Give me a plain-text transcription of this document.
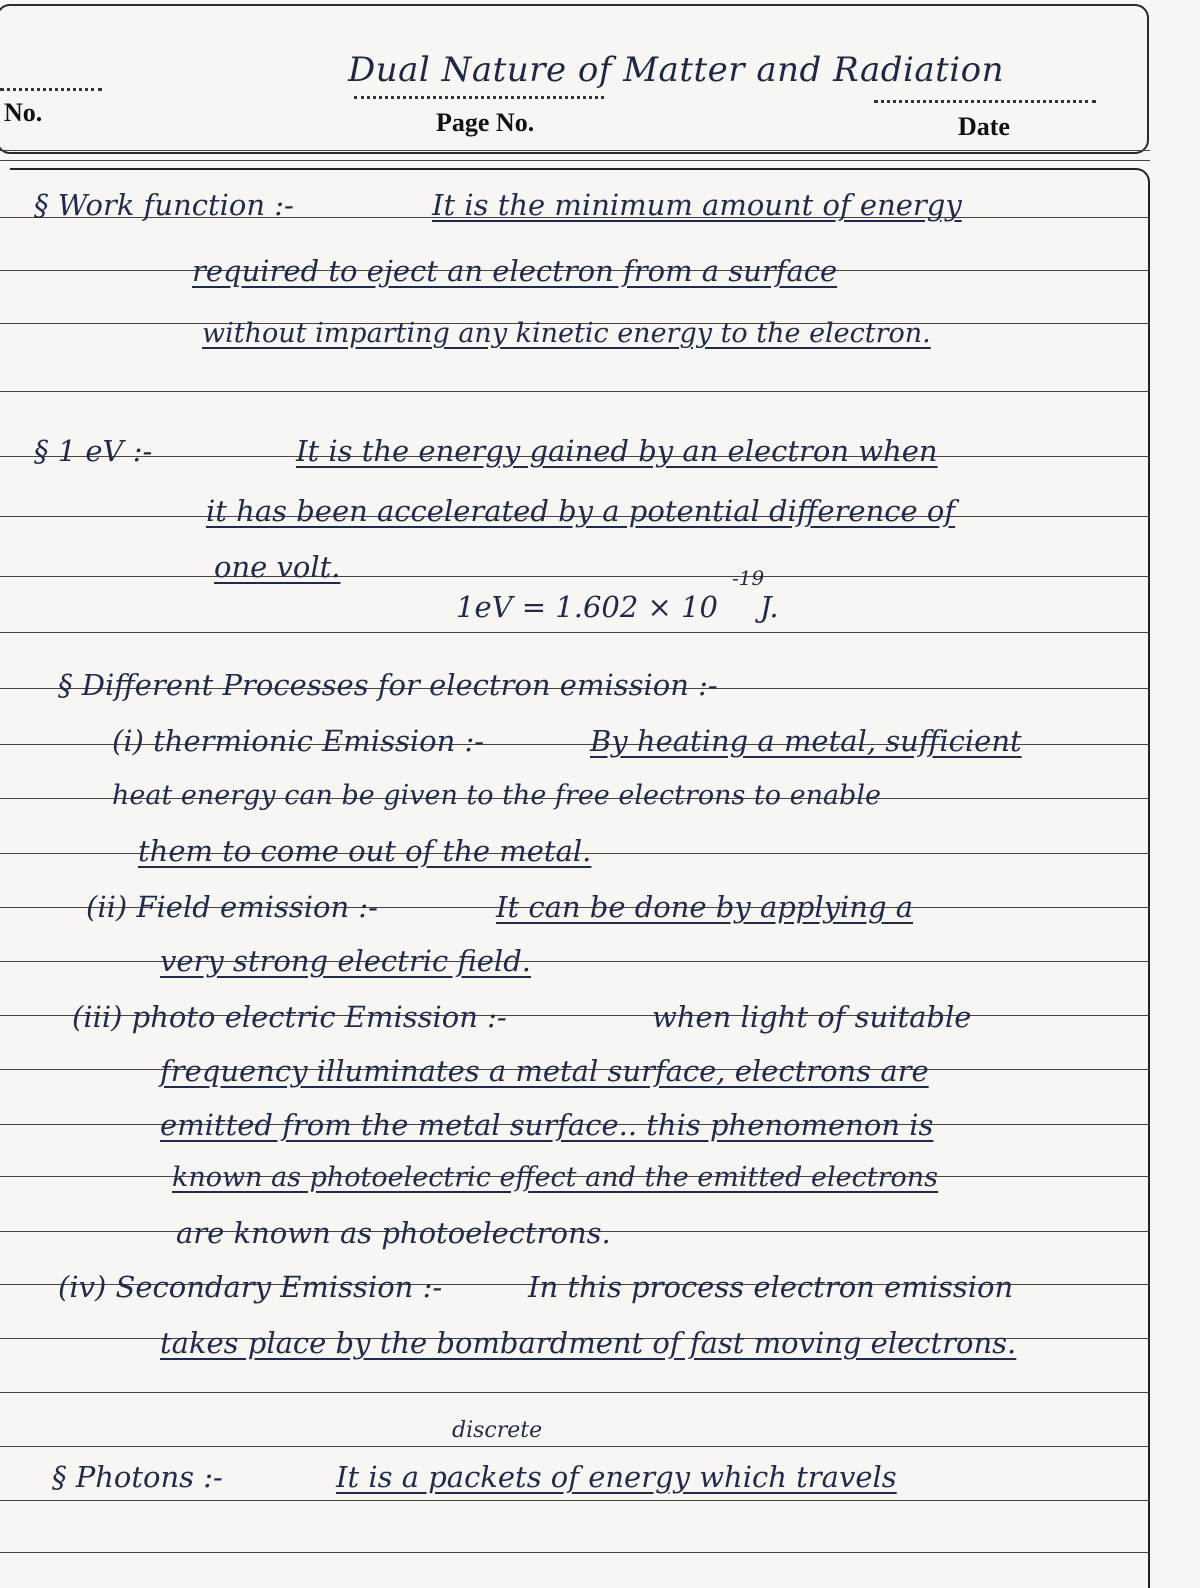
No.	Page No.	Date
Dual Nature of Matter and Radiation
§ Work function :-	It is the minimum amount of energy
required to eject an electron from a surface
without imparting any kinetic energy to the electron.
§ 1 eV :-	It is the energy gained by an electron when
it has been accelerated by a potential difference of
one volt.
1eV = 1.602 × 10
-19
J.
§ Different Processes for electron emission :-
(i) thermionic Emission :-	By heating a metal, sufficient
heat energy can be given to the free electrons to enable
them to come out of the metal.
(ii) Field emission :-	It can be done by applying a
very strong electric field.
(iii) photo electric Emission :-	when light of suitable
frequency illuminates a metal surface, electrons are
emitted from the metal surface.. this phenomenon is
known as photoelectric effect and the emitted electrons
are known as photoelectrons.
(iv) Secondary Emission :-	In this process electron emission
takes place by the bombardment of fast moving electrons.
discrete
§ Photons :-	It is a packets of energy which travels
